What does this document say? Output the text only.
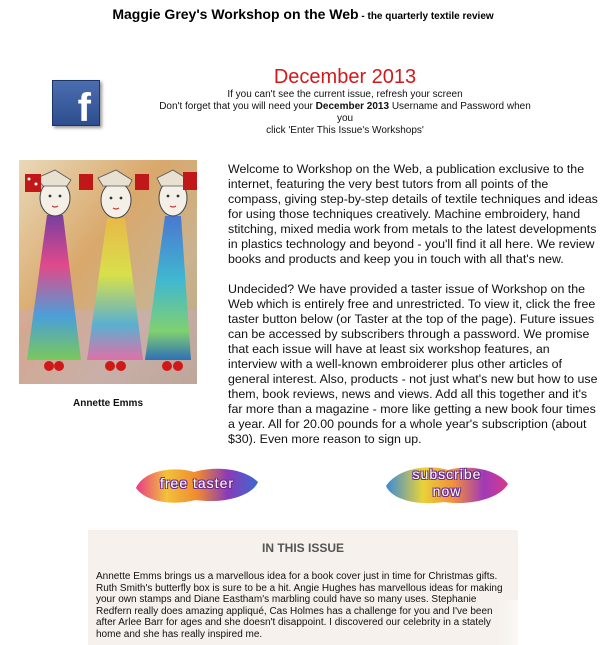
Maggie Grey's Workshop on the Web - the quarterly textile review
f
December 2013
If you can't see the current issue, refresh your screen
Don't forget that you will need your December 2013 Username and Password when you
click 'Enter This Issue's Workshops'
Annette Emms

Welcome to Workshop on the Web, a publication exclusive to the internet, featuring the very best tutors from all points of the compass, giving step-by-step details of textile techniques and ideas for using those techniques creatively. Machine embroidery, hand stitching, mixed media work from metals to the latest developments in plastics technology and beyond - you'll find it all here. We review books and products and keep you in touch with all that's new.

Undecided? We have provided a taster issue of Workshop on the Web which is entirely free and unrestricted. To view it, click the free taster button below (or Taster at the top of the page). Future issues can be accessed by subscribers through a password. We promise that each issue will have at least six workshop features, an interview with a well-known embroiderer plus other articles of general interest. Also, products - not just what's new but how to use them, book reviews, news and views. Add all this together and it's far more than a magazine - more like getting a new book four times a year. All for 20.00 pounds for a whole year's subscription (about $30). Even more reason to sign up.

free taster
subscribe
now
IN THIS ISSUE

Annette Emms brings us a marvellous idea for a book cover just in time for Christmas gifts. Ruth Smith's butterfly box is sure to be a hit. Angie Hughes has marvellous ideas for making your own stamps and Diane Eastham's marbling could have so many uses. Stephanie Redfern really does amazing appliqué, Cas Holmes has a challenge for you and I've been after Arlee Barr for ages and she doesn't disappoint. I discovered our celebrity in a stately home and she has really inspired me.
